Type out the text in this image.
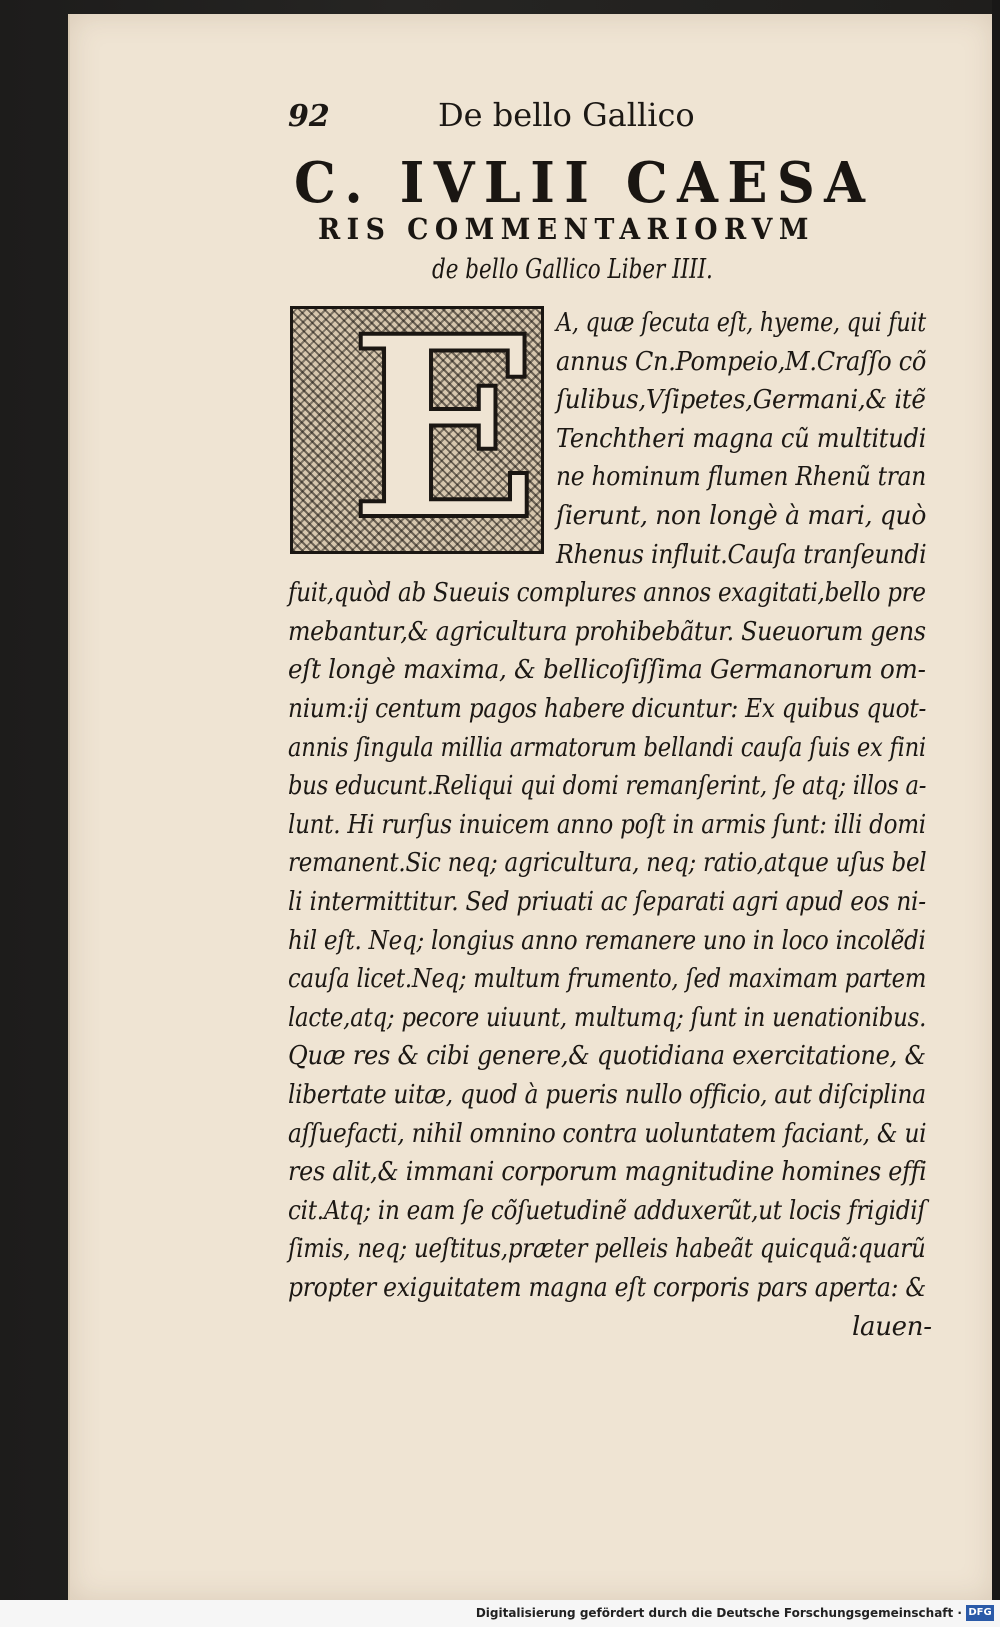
92	De bello Gallico
C. IVLII CAESA
RIS COMMENTARIORVM
de bello Gallico Liber IIII.
E A, quæ ſecuta eſt, hyeme, qui fuit
annus Cn.Pompeio,M.Craſſo cõ
ſulibus,Vſipetes,Germani,& itẽ
Tenchtheri magna cũ multitudi
ne hominum flumen Rhenũ tran
ſierunt, non longè à mari, quò
Rhenus influit.Cauſa tranſeundi
fuit,quòd ab Sueuis complures annos exagitati,bello pre
mebantur,& agricultura prohibebãtur. Sueuorum gens
eſt longè maxima, & bellicoſiſſima Germanorum om-
nium:ij centum pagos habere dicuntur: Ex quibus quot-
annis ſingula millia armatorum bellandi cauſa ſuis ex fini
bus educunt.Reliqui qui domi remanſerint, ſe atq; illos a-
lunt. Hi rurſus inuicem anno poſt in armis ſunt: illi domi
remanent.Sic neq; agricultura, neq; ratio,atque uſus bel
li intermittitur. Sed priuati ac ſeparati agri apud eos ni-
hil eſt. Neq; longius anno remanere uno in loco incolẽdi
cauſa licet.Neq; multum frumento, ſed maximam partem
lacte,atq; pecore uiuunt, multumq; ſunt in uenationibus.
Quæ res & cibi genere,& quotidiana exercitatione, &
libertate uitæ, quod à pueris nullo officio, aut diſciplina
aſſuefacti, nihil omnino contra uoluntatem faciant, & ui
res alit,& immani corporum magnitudine homines effi
cit.Atq; in eam ſe cõſuetudinẽ adduxerũt,ut locis frigidiſ
ſimis, neq; ueſtitus,præter pelleis habeãt quicquã:quarũ
propter exiguitatem magna eſt corporis pars aperta: &
lauen-
Digitalisierung gefördert durch die Deutsche Forschungsgemeinschaft · DFG
